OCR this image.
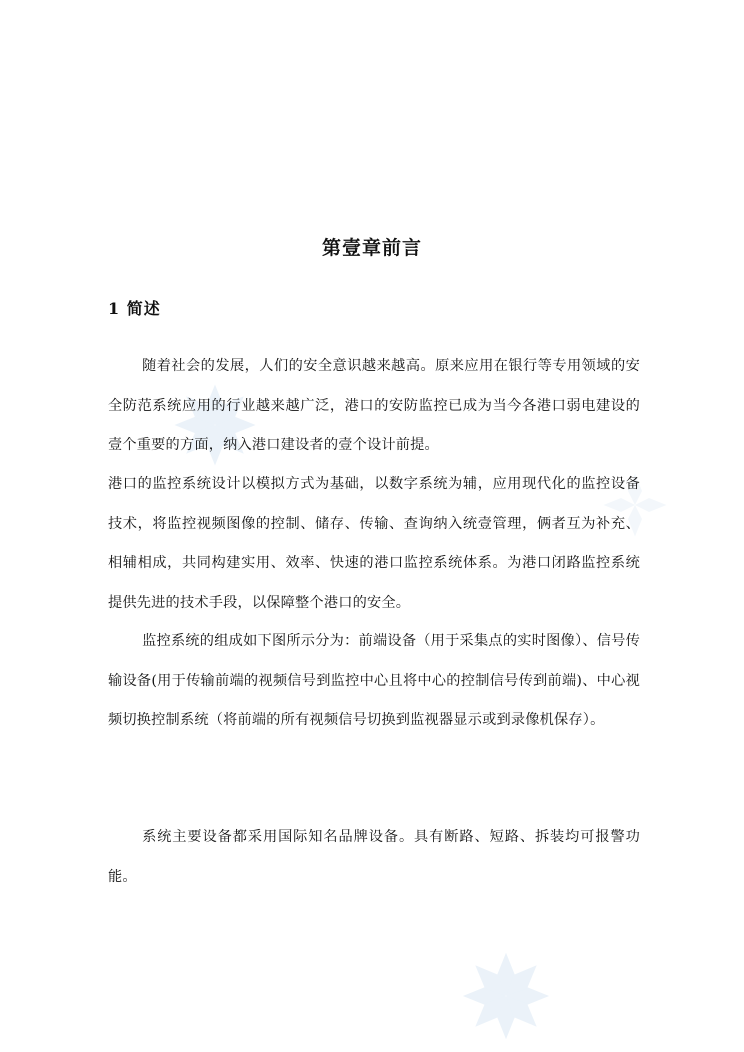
第壹章前言
1 简述

随着社会的发展，人们的安全意识越来越高。原来应用在银行等专用领域的安全防范系统应用的行业越来越广泛，港口的安防监控已成为当今各港口弱电建设的壹个重要的方面，纳入港口建设者的壹个设计前提。

港口的监控系统设计以模拟方式为基础，以数字系统为辅，应用现代化的监控设备技术，将监控视频图像的控制、储存、传输、查询纳入统壹管理，俩者互为补充、相辅相成，共同构建实用、效率、快速的港口监控系统体系。为港口闭路监控系统提供先进的技术手段，以保障整个港口的安全。

监控系统的组成如下图所示分为：前端设备（用于采集点的实时图像）、信号传输设备(用于传输前端的视频信号到监控中心且将中心的控制信号传到前端)、中心视频切换控制系统（将前端的所有视频信号切换到监视器显示或到录像机保存）。

系统主要设备都采用国际知名品牌设备。具有断路、短路、拆装均可报警功能。
